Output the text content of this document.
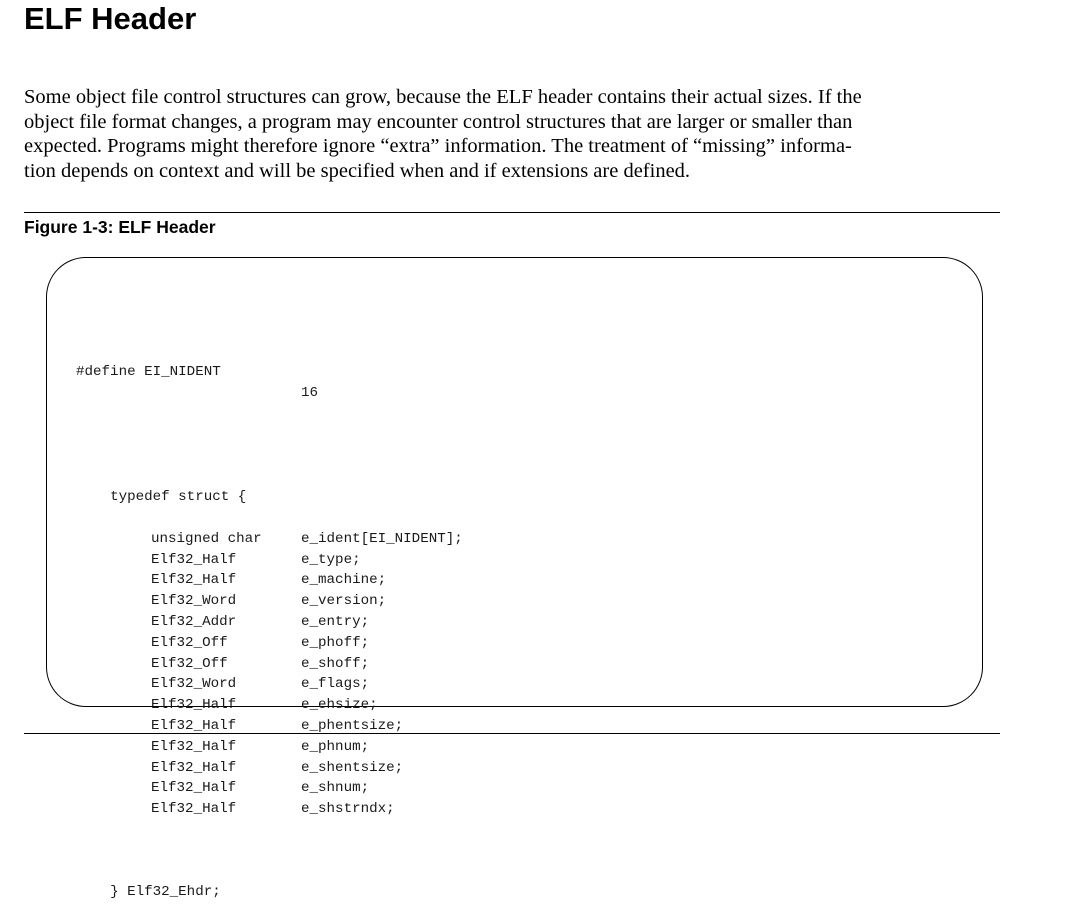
ELF Header
Some object file control structures can grow, because the ELF header contains their actual sizes. If the
object file format changes, a program may encounter control structures that are larger or smaller than
expected. Programs might therefore ignore “extra” information. The treatment of “missing” informa-
tion depends on context and will be specified when and if extensions are defined.
Figure 1-3: ELF Header

#define EI_NIDENT

16

typedef struct {

unsigned char	e_ident[EI_NIDENT];
Elf32_Half	e_type;
Elf32_Half	e_machine;
Elf32_Word	e_version;
Elf32_Addr	e_entry;
Elf32_Off	e_phoff;
Elf32_Off	e_shoff;
Elf32_Word	e_flags;
Elf32_Half	e_ehsize;
Elf32_Half	e_phentsize;
Elf32_Half	e_phnum;
Elf32_Half	e_shentsize;
Elf32_Half	e_shnum;
Elf32_Half	e_shstrndx;

} Elf32_Ehdr;
